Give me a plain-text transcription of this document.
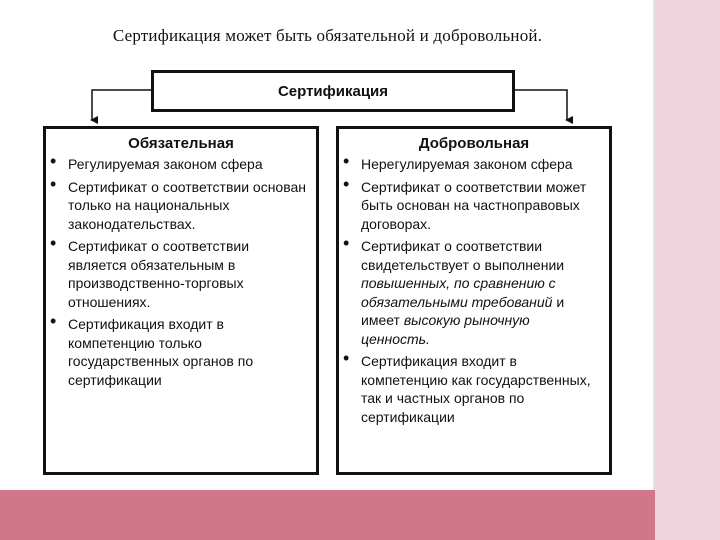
Сертификация может быть обязательной и добровольной.
Сертификация
Обязательная
• Регулируемая законом сфера
• Сертификат о соответствии основан только на национальных законодательствах.
• Сертификат о соответствии является обязательным в производственно-торговых отношениях.
• Сертификация входит в компетенцию только государственных органов по сертификации
Добровольная
• Нерегулируемая законом сфера
• Сертификат о соответствии может быть основан на частноправовых договорах.
• Сертификат о соответствии свидетельствует о выполнении повышенных, по сравнению с обязательными требований и имеет высокую рыночную ценность.
• Сертификация входит в компетенцию как государственных, так и частных органов по сертификации
